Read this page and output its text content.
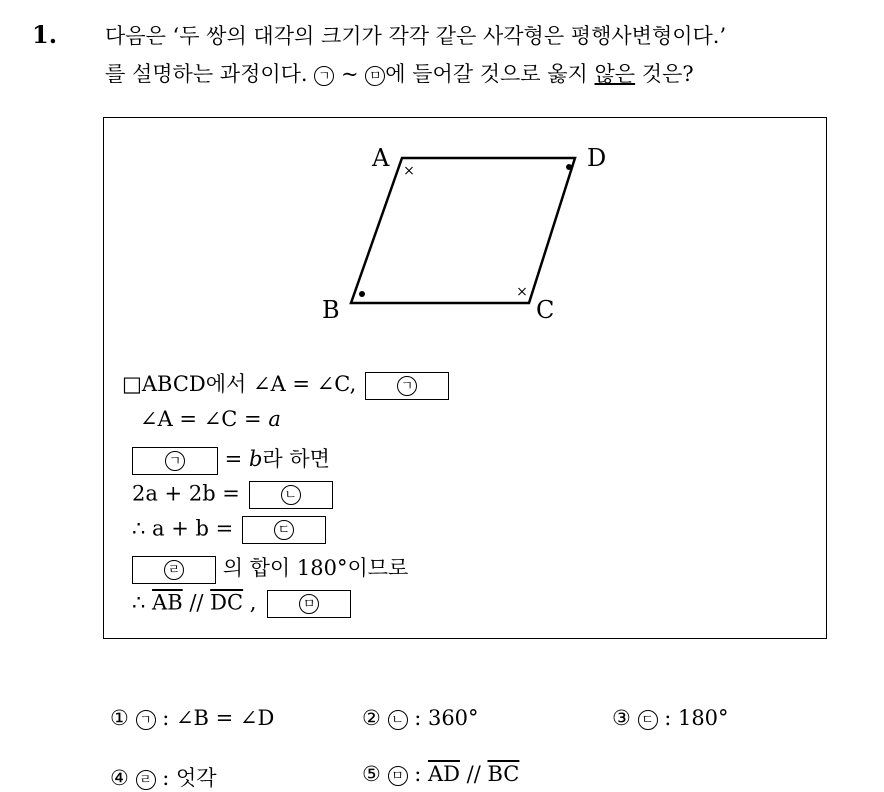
1. 다음은 ‘두 쌍의 대각의 크기가 각각 같은 사각형은 평행사변형이다.’
를 설명하는 과정이다. ㄱ ~ ㅁ 에 들어갈 것으로 옳지 않은 것은?
×
×
A	D
B	C
□ABCD에서 ∠A = ∠C,	ㄱ
∠A = ∠C = a
ㄱ = b라 하면
2a + 2b =	ㄴ
∴ a + b =	ㄷ
ㄹ 의 합이 180°이므로
∴ $\overline{AB} // \overline{DC}$ ,	ㅁ
① ㄱ : ∠B = ∠D	② ㄴ : 360°	③ ㄷ : 180°
④ ㄹ : 엇각	⑤ ㅁ : $\overline{AD} // \overline{BC}$
